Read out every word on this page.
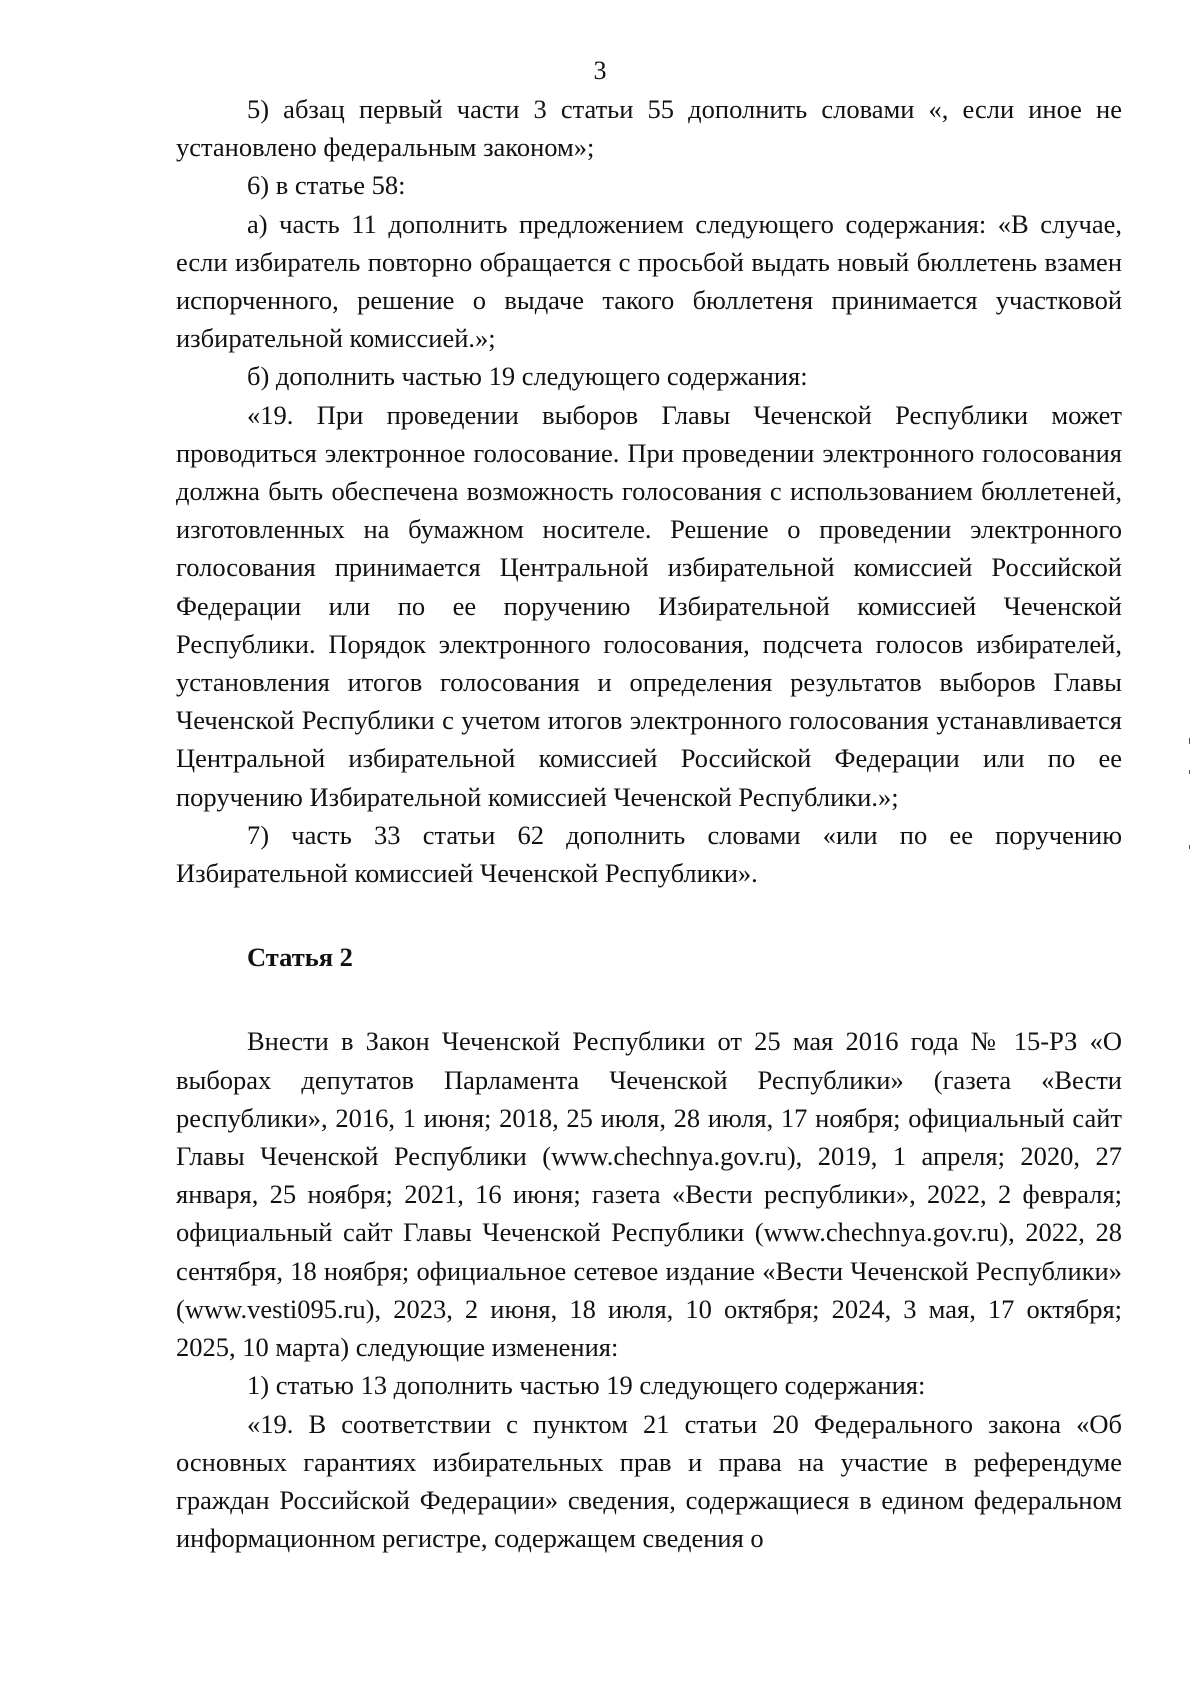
3

5) абзац первый части 3 статьи 55 дополнить словами «, если иное не установлено федеральным законом»;

6) в статье 58:

а) часть 11 дополнить предложением следующего содержания: «В случае, если избиратель повторно обращается с просьбой выдать новый бюллетень взамен испорченного, решение о выдаче такого бюллетеня принимается участковой избирательной комиссией.»;

б) дополнить частью 19 следующего содержания:

«19. При проведении выборов Главы Чеченской Республики может проводиться электронное голосование. При проведении электронного голосования должна быть обеспечена возможность голосования с использованием бюллетеней, изготовленных на бумажном носителе. Решение о проведении электронного голосования принимается Центральной избирательной комиссией Российской Федерации или по ее поручению Избирательной комиссией Чеченской Республики. Порядок электронного голосования, подсчета голосов избирателей, установления итогов голосования и определения результатов выборов Главы Чеченской Республики с учетом итогов электронного голосования устанавливается Центральной избирательной комиссией Российской Федерации или по ее поручению Избирательной комиссией Чеченской Республики.»;

7) часть 33 статьи 62 дополнить словами «или по ее поручению Избирательной комиссией Чеченской Республики».

Статья 2

Внести в Закон Чеченской Республики от 25 мая 2016 года № 15-РЗ «О выборах депутатов Парламента Чеченской Республики» (газета «Вести республики», 2016, 1 июня; 2018, 25 июля, 28 июля, 17 ноября; официальный сайт Главы Чеченской Республики (www.chechnya.gov.ru), 2019, 1 апреля; 2020, 27 января, 25 ноября; 2021, 16 июня; газета «Вести республики», 2022, 2 февраля; официальный сайт Главы Чеченской Республики (www.chechnya.gov.ru), 2022, 28 сентября, 18 ноября; официальное сетевое издание «Вести Чеченской Республики» (www.vesti095.ru), 2023, 2 июня, 18 июля, 10 октября; 2024, 3 мая, 17 октября; 2025, 10 марта) следующие изменения:

1) статью 13 дополнить частью 19 следующего содержания:

«19. В соответствии с пунктом 21 статьи 20 Федерального закона «Об основных гарантиях избирательных прав и права на участие в референдуме граждан Российской Федерации» сведения, содержащиеся в едином федеральном информационном регистре, содержащем сведения о
